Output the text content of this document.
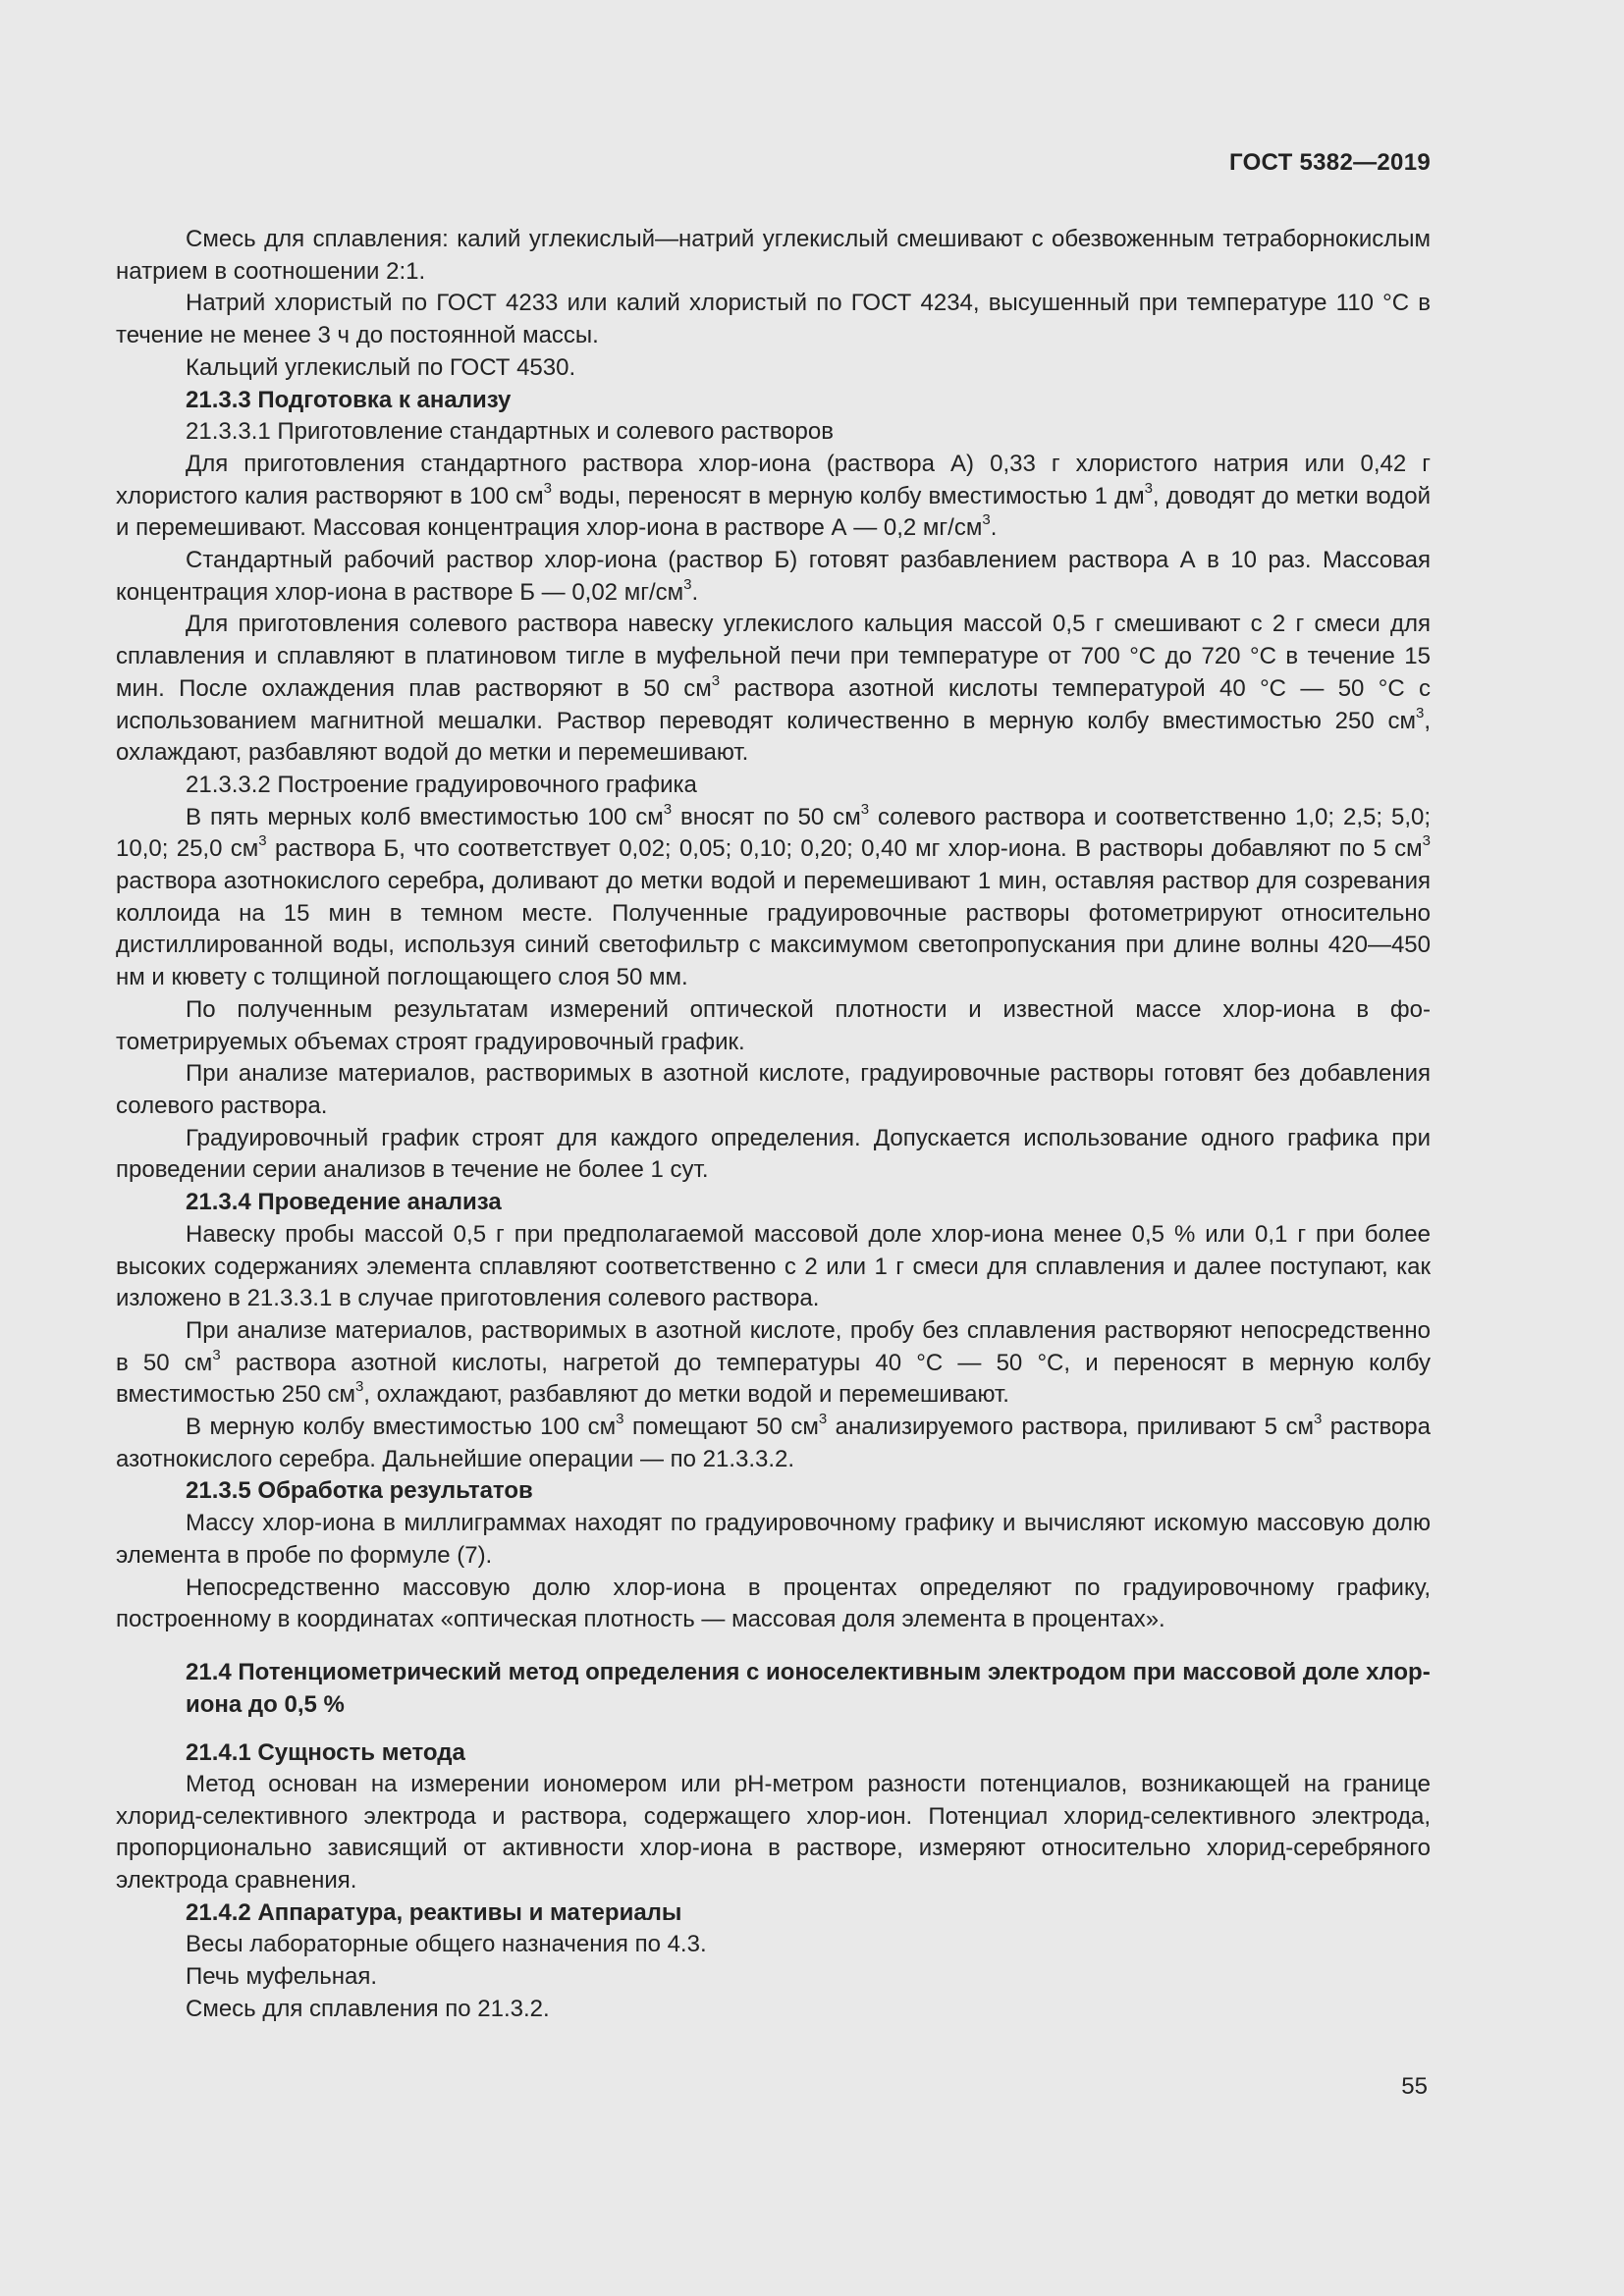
ГОСТ 5382—2019
Смесь для сплавления: калий углекислый—натрий углекислый смешивают с обезвоженным тетраборнокислым натрием в соотношении 2:1.
Натрий хлористый по ГОСТ 4233 или калий хлористый по ГОСТ 4234, высушенный при температуре 110 °С в течение не менее 3 ч до постоянной массы.
Кальций углекислый по ГОСТ 4530.
21.3.3 Подготовка к анализу
21.3.3.1 Приготовление стандартных и солевого растворов
Для приготовления стандартного раствора хлор-иона (раствора А) 0,33 г хлористого натрия или 0,42 г хлористого калия растворяют в 100 $см^3$ воды, переносят в мерную колбу вместимостью 1 $дм^3$, доводят до метки водой и перемешивают. Массовая концентрация хлор-иона в растворе А — 0,2 $мг/см^3$.
Стандартный рабочий раствор хлор-иона (раствор Б) готовят разбавлением раствора А в 10 раз. Массовая концентрация хлор-иона в растворе Б — 0,02 $мг/см^3$.
Для приготовления солевого раствора навеску углекислого кальция массой 0,5 г смешивают с 2 г смеси для сплавления и сплавляют в платиновом тигле в муфельной печи при температуре от 700 °С до 720 °С в течение 15 мин. После охлаждения плав растворяют в 50 $см^3$ раствора азотной кислоты температурой 40 °С — 50 °С с использованием магнитной мешалки. Раствор переводят количественно в мерную колбу вместимостью 250 $см^3$, охлаждают, разбавляют водой до метки и перемешивают.
21.3.3.2 Построение градуировочного графика
В пять мерных колб вместимостью 100 $см^3$ вносят по 50 $см^3$ солевого раствора и соответственно 1,0; 2,5; 5,0; 10,0; 25,0 $см^3$ раствора Б, что соответствует 0,02; 0,05; 0,10; 0,20; 0,40 мг хлор-иона. В растворы добавляют по 5 $см^3$ раствора азотнокислого серебра, доливают до метки водой и перемешивают 1 мин, оставляя раствор для созревания коллоида на 15 мин в темном месте. Полученные градуировочные растворы фотометрируют относительно дистиллированной воды, используя синий светофильтр с максимумом светопропускания при длине волны 420—450 нм и кювету с толщиной поглощающего слоя 50 мм.
По полученным результатам измерений оптической плотности и известной массе хлор-иона в фотометрируемых объемах строят градуировочный график.
При анализе материалов, растворимых в азотной кислоте, градуировочные растворы готовят без добавления солевого раствора.
Градуировочный график строят для каждого определения. Допускается использование одного графика при проведении серии анализов в течение не более 1 сут.
21.3.4 Проведение анализа
Навеску пробы массой 0,5 г при предполагаемой массовой доле хлор-иона менее 0,5 % или 0,1 г при более высоких содержаниях элемента сплавляют соответственно с 2 или 1 г смеси для сплавления и далее поступают, как изложено в 21.3.3.1 в случае приготовления солевого раствора.
При анализе материалов, растворимых в азотной кислоте, пробу без сплавления растворяют непосредственно в 50 $см^3$ раствора азотной кислоты, нагретой до температуры 40 °С — 50 °С, и переносят в мерную колбу вместимостью 250 $см^3$, охлаждают, разбавляют до метки водой и перемешивают.
В мерную колбу вместимостью 100 $см^3$ помещают 50 $см^3$ анализируемого раствора, приливают 5 $см^3$ раствора азотнокислого серебра. Дальнейшие операции — по 21.3.3.2.
21.3.5 Обработка результатов
Массу хлор-иона в миллиграммах находят по градуировочному графику и вычисляют искомую массовую долю элемента в пробе по формуле (7).
Непосредственно массовую долю хлор-иона в процентах определяют по градуировочному графику, построенному в координатах «оптическая плотность — массовая доля элемента в процентах».
21.4 Потенциометрический метод определения с ионоселективным электродом при массовой доле хлор-иона до 0,5 %
21.4.1 Сущность метода
Метод основан на измерении иономером или pH-метром разности потенциалов, возникающей на границе хлорид-селективного электрода и раствора, содержащего хлор-ион. Потенциал хлорид-селективного электрода, пропорционально зависящий от активности хлор-иона в растворе, измеряют относительно хлорид-серебряного электрода сравнения.
21.4.2 Аппаратура, реактивы и материалы
Весы лабораторные общего назначения по 4.3.
Печь муфельная.
Смесь для сплавления по 21.3.2.
55
